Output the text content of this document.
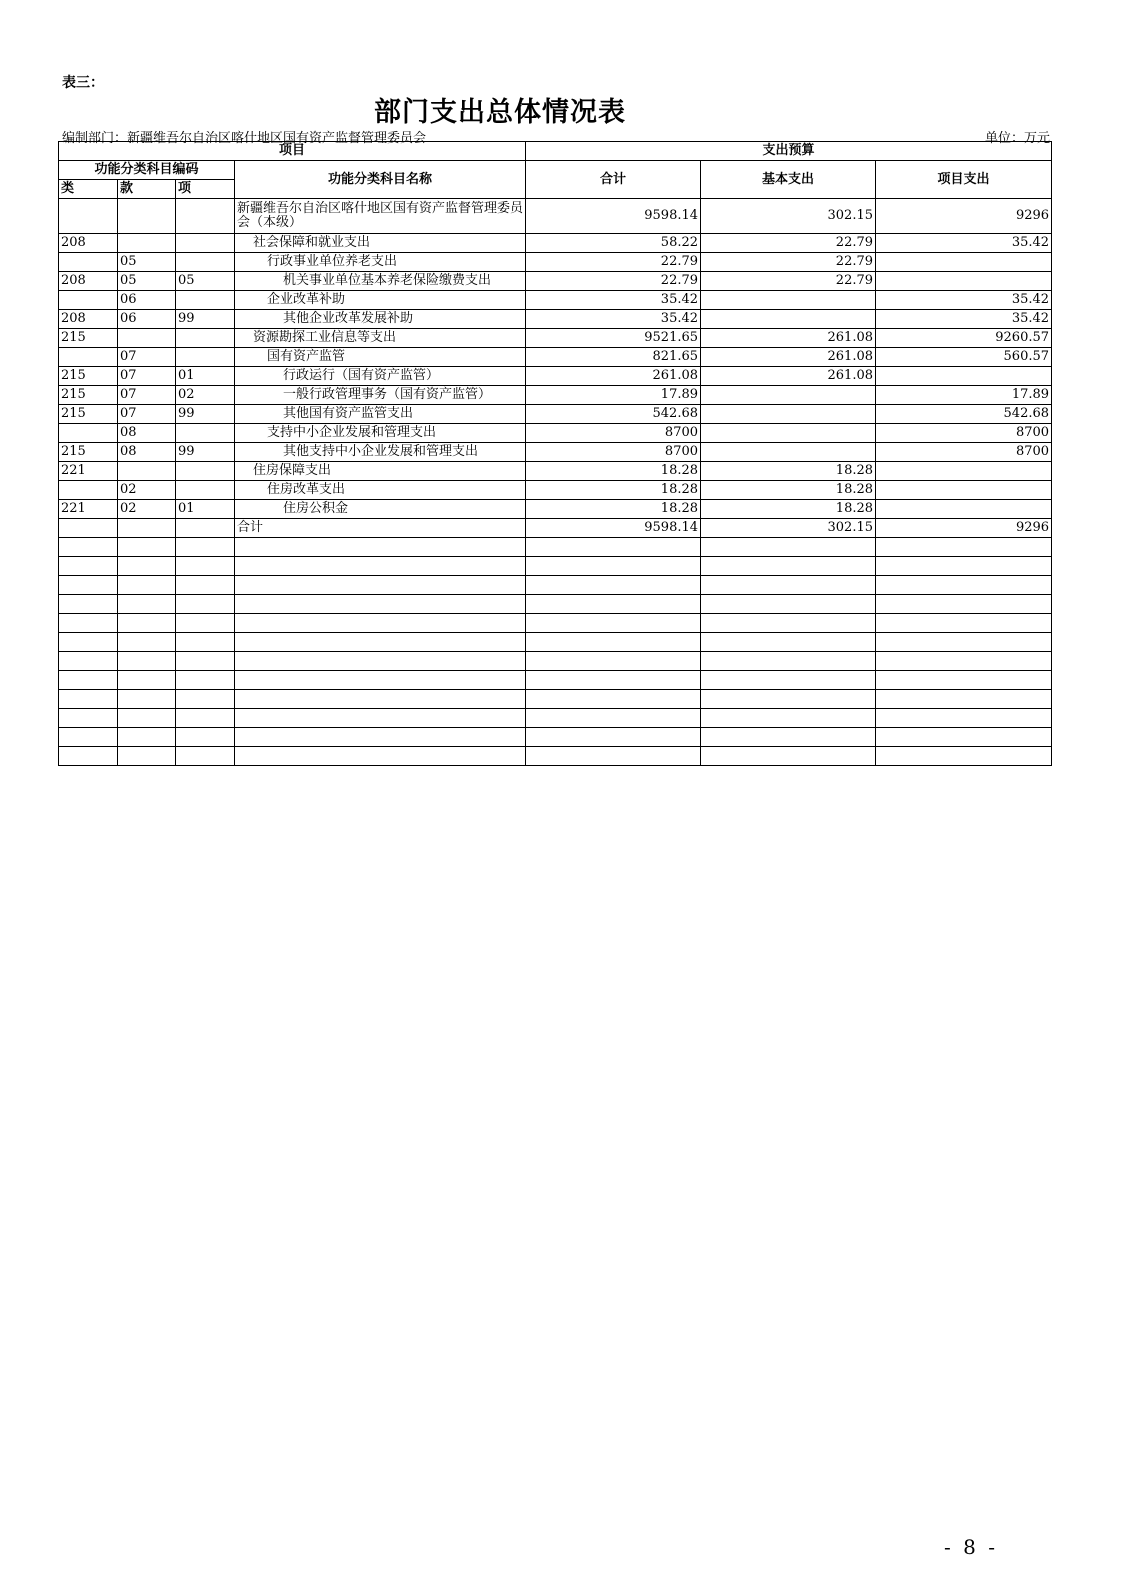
表三：
部门支出总体情况表
编制部门：新疆维吾尔自治区喀什地区国有资产监督管理委员会	单位：万元
项目				支出预算		
功能分类科目编码			功能分类科目名称	合计	基本支出	项目支出
类	款	项				
			新疆维吾尔自治区喀什地区国有资产监督管理委员会（本级）	9598.14	302.15	9296
208			社会保障和就业支出	58.22	22.79	35.42
	05		行政事业单位养老支出	22.79	22.79	
208	05	05	机关事业单位基本养老保险缴费支出	22.79	22.79	
	06		企业改革补助	35.42		35.42
208	06	99	其他企业改革发展补助	35.42		35.42
215			资源勘探工业信息等支出	9521.65	261.08	9260.57
	07		国有资产监管	821.65	261.08	560.57
215	07	01	行政运行（国有资产监管）	261.08	261.08	
215	07	02	一般行政管理事务（国有资产监管）	17.89		17.89
215	07	99	其他国有资产监管支出	542.68		542.68
	08		支持中小企业发展和管理支出	8700		8700
215	08	99	其他支持中小企业发展和管理支出	8700		8700
221			住房保障支出	18.28	18.28	
	02		住房改革支出	18.28	18.28	
221	02	01	住房公积金	18.28	18.28	
			合计	9598.14	302.15	9296

- 8 -
